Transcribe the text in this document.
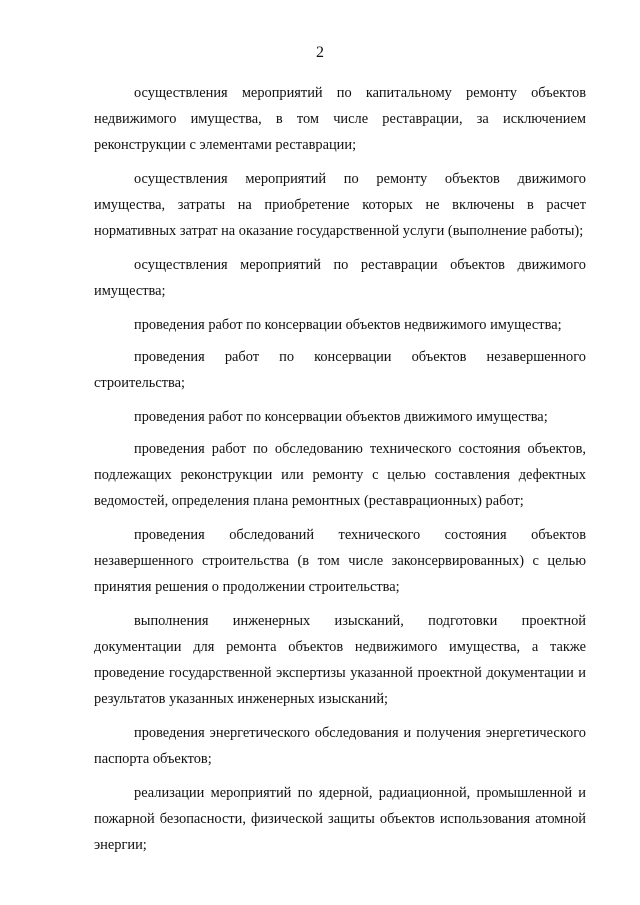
2

осуществления мероприятий по капитальному ремонту объектов недвижимого имущества, в том числе реставрации, за исключением реконструкции с элементами реставрации;

осуществления мероприятий по ремонту объектов движимого имущества, затраты на приобретение которых не включены в расчет нормативных затрат на оказание государственной услуги (выполнение работы);

осуществления мероприятий по реставрации объектов движимого имущества;

проведения работ по консервации объектов недвижимого имущества;

проведения работ по консервации объектов незавершенного строительства;

проведения работ по консервации объектов движимого имущества;

проведения работ по обследованию технического состояния объектов, подлежащих реконструкции или ремонту с целью составления дефектных ведомостей, определения плана ремонтных (реставрационных) работ;

проведения обследований технического состояния объектов незавершенного строительства (в том числе законсервированных) с целью принятия решения о продолжении строительства;

выполнения инженерных изысканий, подготовки проектной документации для ремонта объектов недвижимого имущества, а также проведение государственной экспертизы указанной проектной документации и результатов указанных инженерных изысканий;

проведения энергетического обследования и получения энергетического паспорта объектов;

реализации мероприятий по ядерной, радиационной, промышленной и пожарной безопасности, физической защиты объектов использования атомной энергии;
